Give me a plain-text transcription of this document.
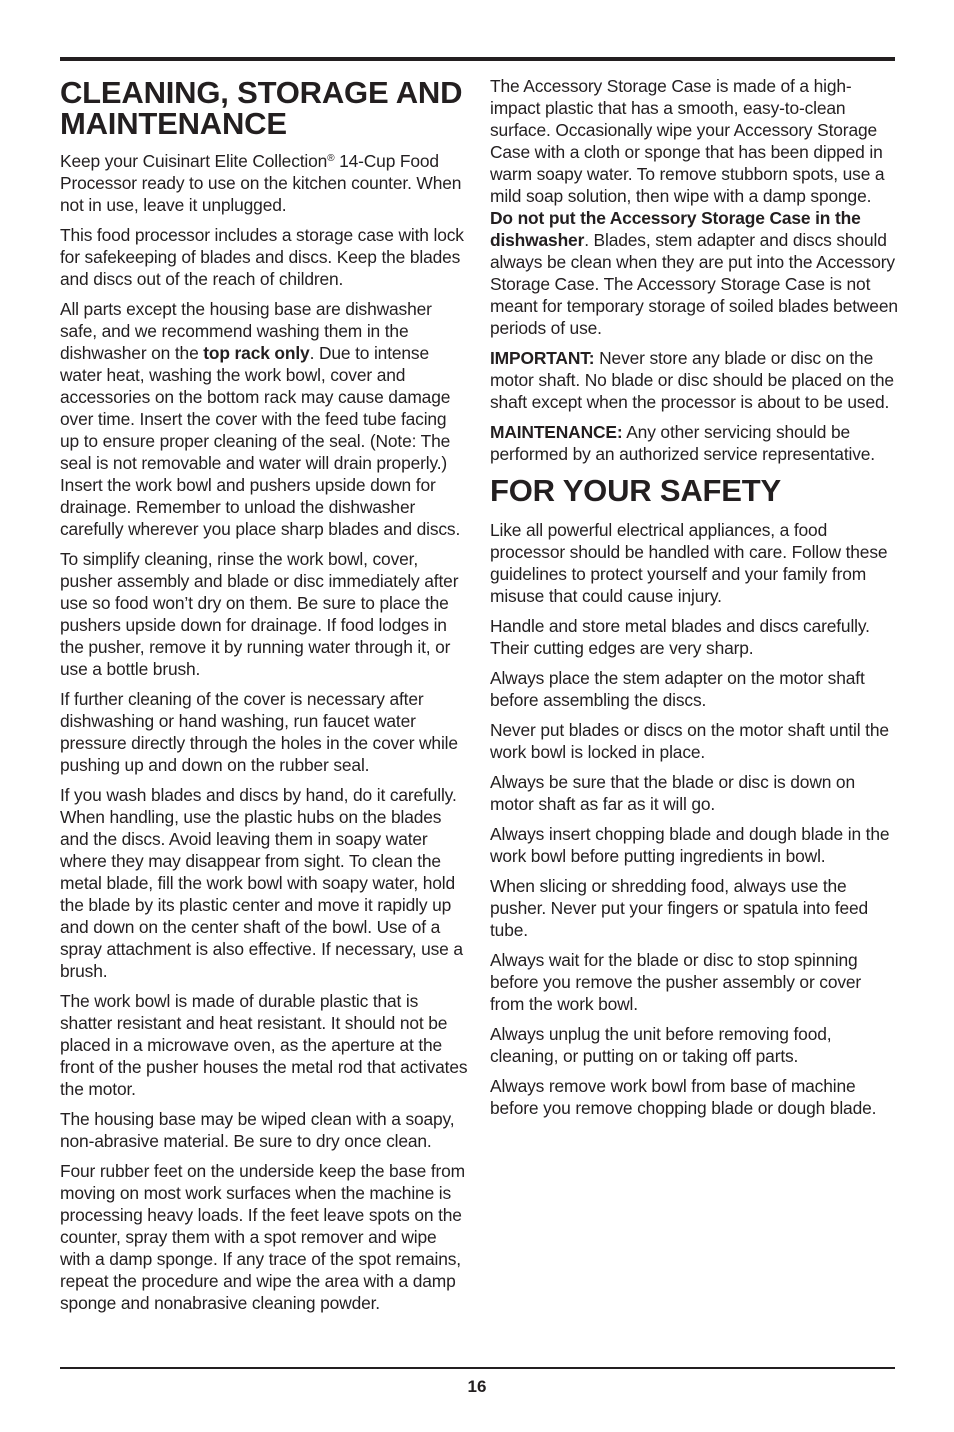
CLEANING, STORAGE AND MAINTENANCE

Keep your Cuisinart Elite Collection® 14-Cup Food Processor ready to use on the kitchen counter. When not in use, leave it unplugged.

This food processor includes a storage case with lock for safekeeping of blades and discs. Keep the blades and discs out of the reach of children.

All parts except the housing base are dishwasher safe, and we recommend washing them in the dishwasher on the top rack only. Due to intense water heat, washing the work bowl, cover and accessories on the bottom rack may cause damage over time. Insert the cover with the feed tube facing up to ensure proper cleaning of the seal. (Note: The seal is not removable and water will drain properly.) Insert the work bowl and pushers upside down for drainage. Remember to unload the dishwasher carefully wherever you place sharp blades and discs.

To simplify cleaning, rinse the work bowl, cover, pusher assembly and blade or disc immediately after use so food won’t dry on them. Be sure to place the pushers upside down for drainage. If food lodges in the pusher, remove it by running water through it, or use a bottle brush.

If further cleaning of the cover is necessary after dishwashing or hand washing, run faucet water pressure directly through the holes in the cover while pushing up and down on the rubber seal.

If you wash blades and discs by hand, do it carefully. When handling, use the plastic hubs on the blades and the discs. Avoid leaving them in soapy water where they may disappear from sight. To clean the metal blade, fill the work bowl with soapy water, hold the blade by its plastic center and move it rapidly up and down on the center shaft of the bowl. Use of a spray attachment is also effective. If necessary, use a brush.

The work bowl is made of durable plastic that is shatter resistant and heat resistant. It should not be placed in a microwave oven, as the aperture at the front of the pusher houses the metal rod that activates the motor.

The housing base may be wiped clean with a soapy, non-abrasive material. Be sure to dry once clean.

Four rubber feet on the underside keep the base from moving on most work surfaces when the machine is processing heavy loads. If the feet leave spots on the counter, spray them with a spot remover and wipe with a damp sponge. If any trace of the spot remains, repeat the procedure and wipe the area with a damp sponge and nonabrasive cleaning powder.

The Accessory Storage Case is made of a high-impact plastic that has a smooth, easy-to-clean surface. Occasionally wipe your Accessory Storage Case with a cloth or sponge that has been dipped in warm soapy water. To remove stubborn spots, use a mild soap solution, then wipe with a damp sponge. Do not put the Accessory Storage Case in the dishwasher. Blades, stem adapter and discs should always be clean when they are put into the Accessory Storage Case. The Accessory Storage Case is not meant for temporary storage of soiled blades between periods of use.

IMPORTANT: Never store any blade or disc on the motor shaft. No blade or disc should be placed on the shaft except when the processor is about to be used.

MAINTENANCE: Any other servicing should be performed by an authorized service representative.

FOR YOUR SAFETY

Like all powerful electrical appliances, a food processor should be handled with care. Follow these guidelines to protect yourself and your family from misuse that could cause injury.

Handle and store metal blades and discs carefully. Their cutting edges are very sharp.

Always place the stem adapter on the motor shaft before assembling the discs.

Never put blades or discs on the motor shaft until the work bowl is locked in place.

Always be sure that the blade or disc is down on motor shaft as far as it will go.

Always insert chopping blade and dough blade in the work bowl before putting ingredients in bowl.

When slicing or shredding food, always use the pusher. Never put your fingers or spatula into feed tube.

Always wait for the blade or disc to stop spinning before you remove the pusher assembly or cover from the work bowl.

Always unplug the unit before removing food, cleaning, or putting on or taking off parts.

Always remove work bowl from base of machine before you remove chopping blade or dough blade.

16
